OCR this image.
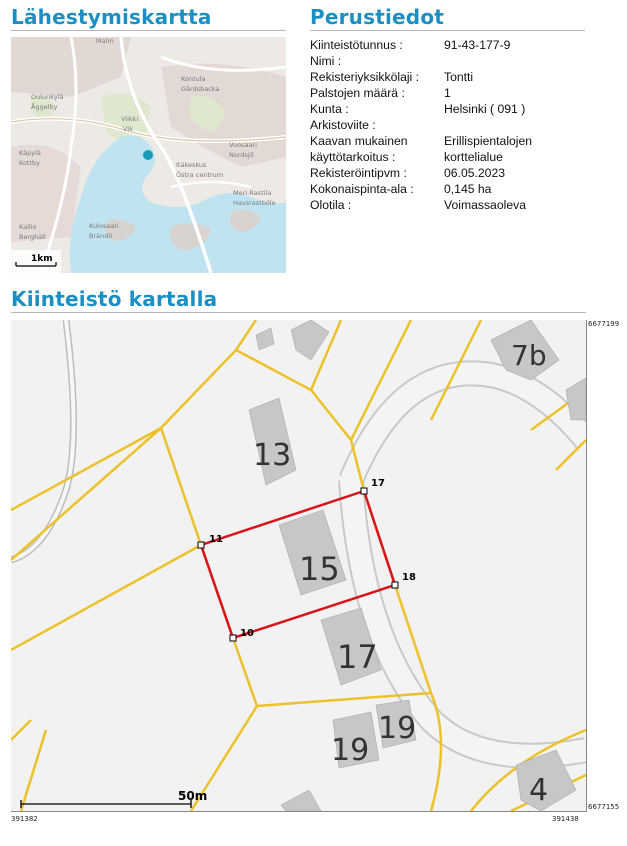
Lähestymiskartta	Perustiedot
Malm
Kontula
Gårdsbacka
Oulunkylä
Åggelby
Viikki
Vik
Käpylä
Kottby	Itäkeskus
Östra centrum
Vuosaari
Nordsjö
Meri-Rastila
Havsrastböle
Kallio
Berghäll
Kulosaari
Brändö
1km
Kiinteistötunnus :	91-43-177-9
Nimi :
Rekisteriyksikkölaji : Tontti
Palstojen määrä :	1
Kunta :	Helsinki ( 091 )
Arkistoviite :
Kaavan mukainen	Erillispientalojen
käyttötarkoitus :	korttelialue
Rekisteröintipvm :	06.05.2023
Kokonaispinta-ala : 0,145 ha
Olotila :	Voimassaoleva
Kiinteistö kartalla
7b
13
15
17
19
19
4
17
11
18
10
50m
6677199
6677155
391382	391438
